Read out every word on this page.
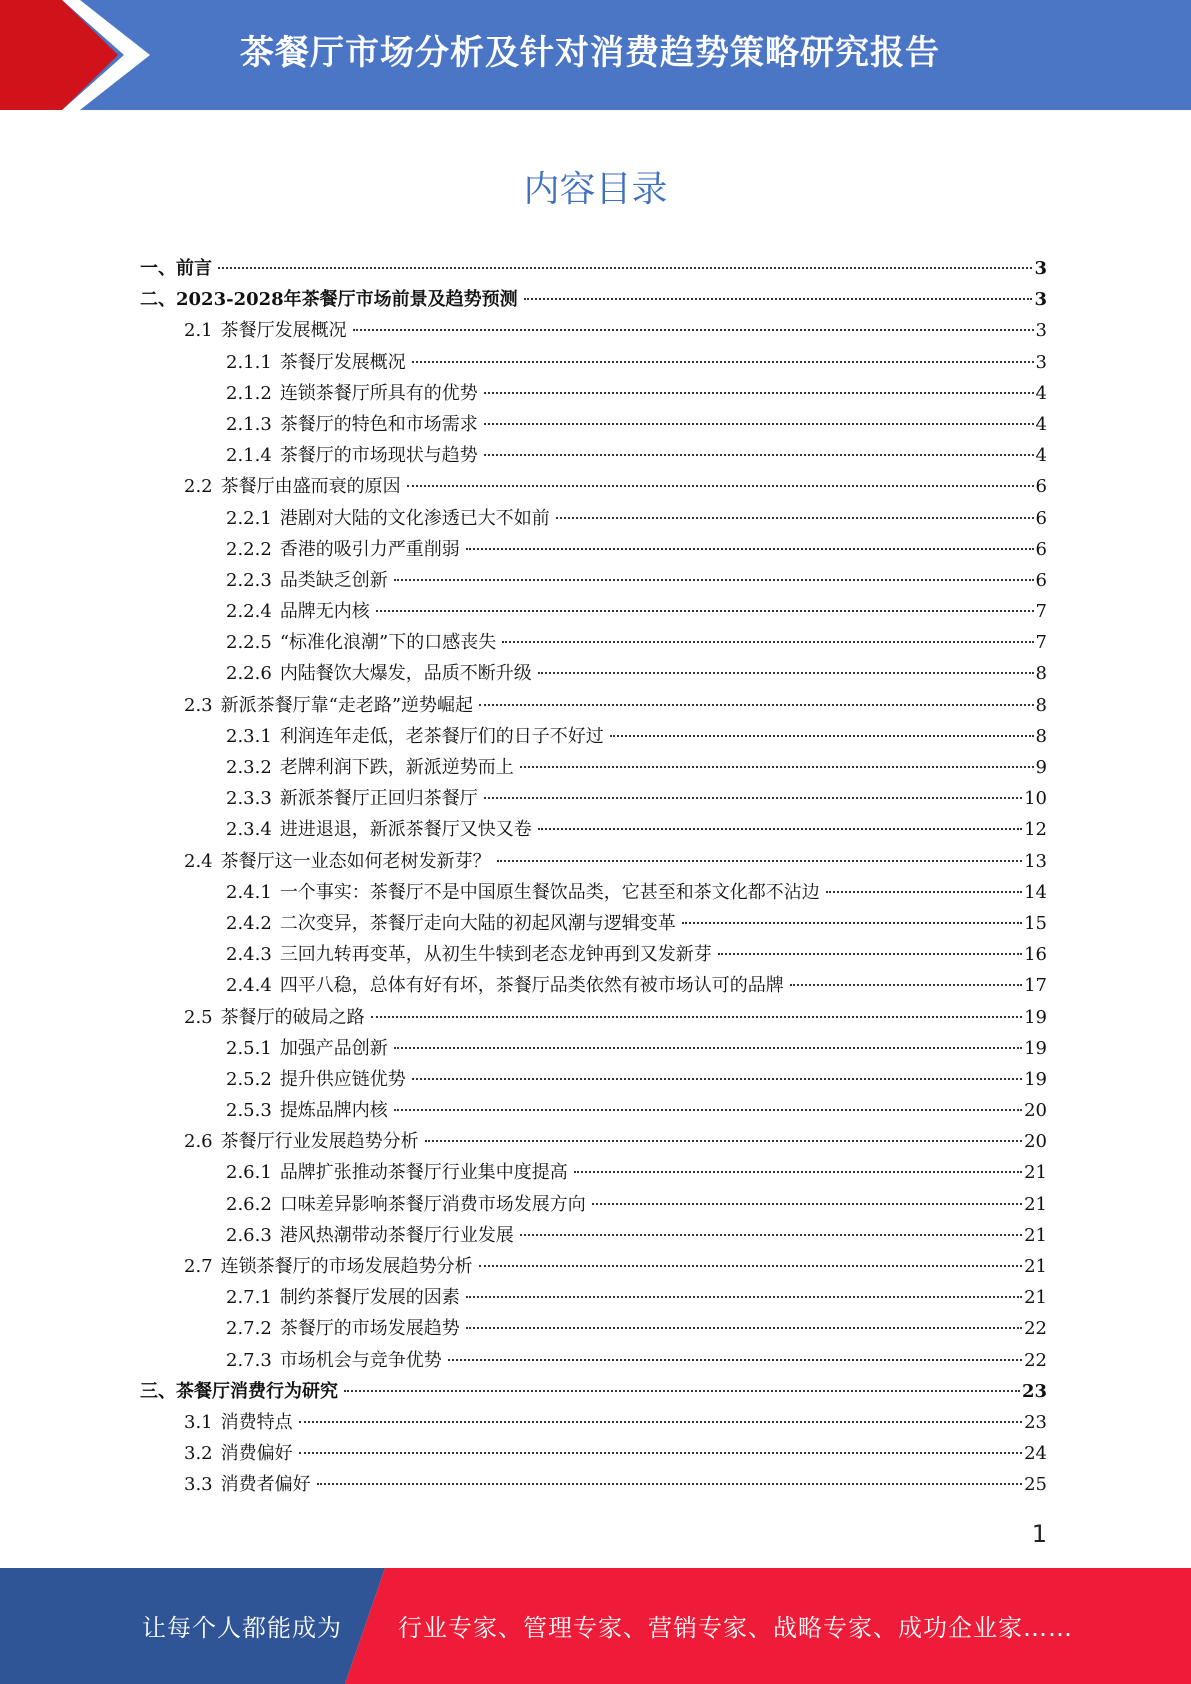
茶餐厅市场分析及针对消费趋势策略研究报告
内容目录
一、 前言	3
二、 2023-2028年茶餐厅市场前景及趋势预测	3
2.1 茶餐厅发展概况	3
2.1.1 茶餐厅发展概况	3
2.1.2 连锁茶餐厅所具有的优势	4
2.1.3 茶餐厅的特色和市场需求	4
2.1.4 茶餐厅的市场现状与趋势	4
2.2 茶餐厅由盛而衰的原因	6
2.2.1 港剧对大陆的文化渗透已大不如前	6
2.2.2 香港的吸引力严重削弱	6
2.2.3 品类缺乏创新	6
2.2.4 品牌无内核	7
2.2.5 “标准化浪潮”下的口感丧失	7
2.2.6 内陆餐饮大爆发，品质不断升级	8
2.3 新派茶餐厅靠“走老路”逆势崛起	8
2.3.1 利润连年走低，老茶餐厅们的日子不好过	8
2.3.2 老牌利润下跌，新派逆势而上	9
2.3.3 新派茶餐厅正回归茶餐厅	10
2.3.4 进进退退，新派茶餐厅又快又卷	12
2.4 茶餐厅这一业态如何老树发新芽？	13
2.4.1 一个事实：茶餐厅不是中国原生餐饮品类，它甚至和茶文化都不沾边	14
2.4.2 二次变异，茶餐厅走向大陆的初起风潮与逻辑变革	15
2.4.3 三回九转再变革，从初生牛犊到老态龙钟再到又发新芽	16
2.4.4 四平八稳，总体有好有坏，茶餐厅品类依然有被市场认可的品牌	17
2.5 茶餐厅的破局之路	19
2.5.1 加强产品创新	19
2.5.2 提升供应链优势	19
2.5.3 提炼品牌内核	20
2.6 茶餐厅行业发展趋势分析	20
2.6.1 品牌扩张推动茶餐厅行业集中度提高	21
2.6.2 口味差异影响茶餐厅消费市场发展方向	21
2.6.3 港风热潮带动茶餐厅行业发展	21
2.7 连锁茶餐厅的市场发展趋势分析	21
2.7.1 制约茶餐厅发展的因素	21
2.7.2 茶餐厅的市场发展趋势	22
2.7.3 市场机会与竞争优势	22
三、 茶餐厅消费行为研究	23
3.1 消费特点	23
3.2 消费偏好	24
3.3 消费者偏好	25
1
让每个人都能成为 行业专家、管理专家、营销专家、战略专家、成功企业家……
